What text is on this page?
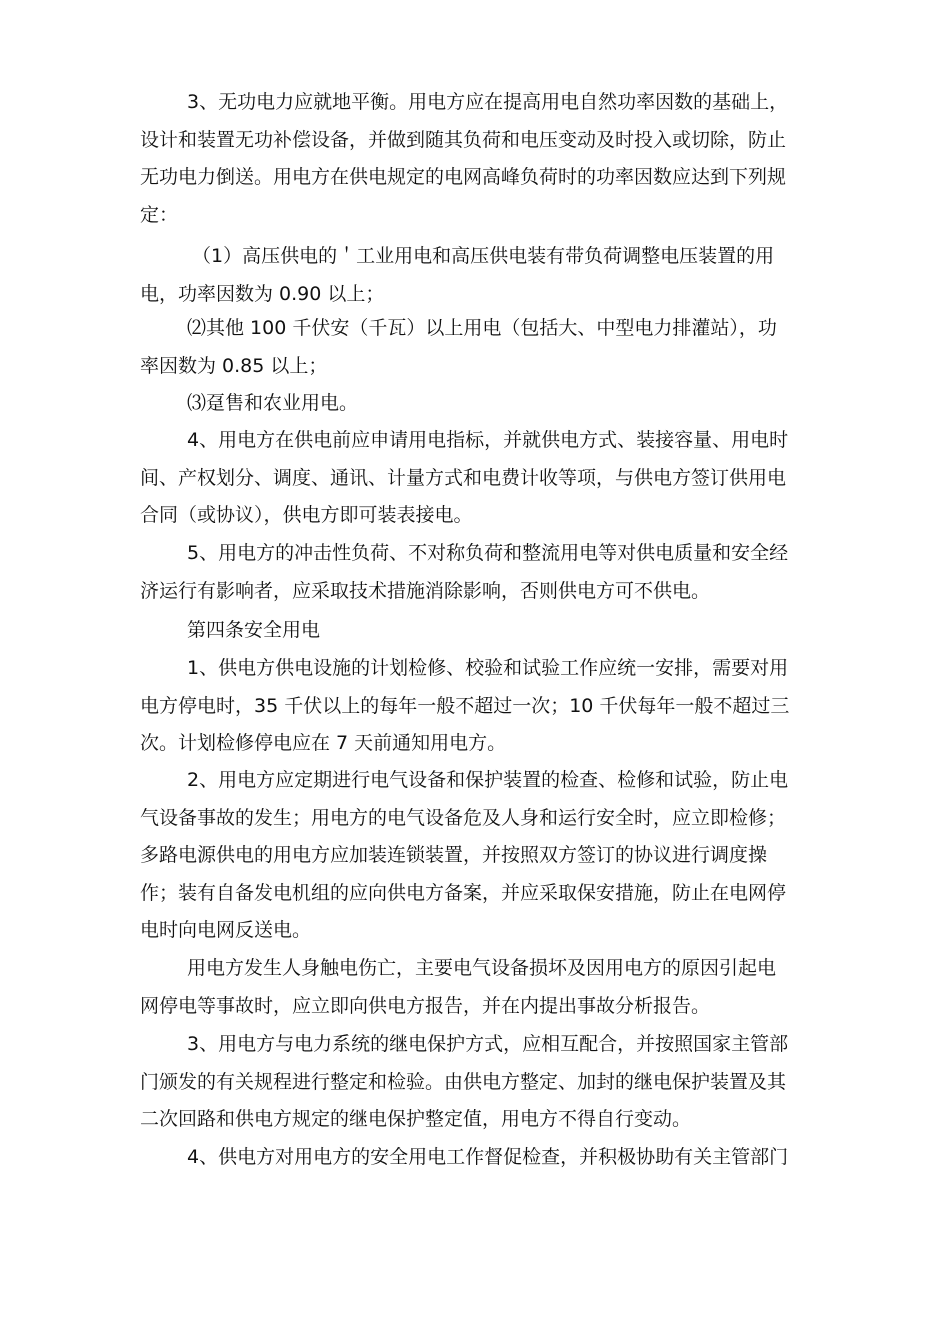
3、无功电力应就地平衡。用电方应在提高用电自然功率因数的基础上，
设计和装置无功补偿设备，并做到随其负荷和电压变动及时投入或切除，防止
无功电力倒送。用电方在供电规定的电网高峰负荷时的功率因数应达到下列规
定：
（1）高压供电的＇工业用电和高压供电装有带负荷调整电压装置的用
电，功率因数为 0.90 以上；
⑵其他 100 千伏安（千瓦）以上用电（包括大、中型电力排灌站），功
率因数为 0.85 以上；
⑶趸售和农业用电。
4、用电方在供电前应申请用电指标，并就供电方式、装接容量、用电时
间、产权划分、调度、通讯、计量方式和电费计收等项，与供电方签订供用电
合同（或协议），供电方即可装表接电。
5、用电方的冲击性负荷、不对称负荷和整流用电等对供电质量和安全经
济运行有影响者，应采取技术措施消除影响，否则供电方可不供电。
第四条安全用电
1、供电方供电设施的计划检修、校验和试验工作应统一安排，需要对用
电方停电时，35 千伏以上的每年一般不超过一次；10 千伏每年一般不超过三
次。计划检修停电应在 7 天前通知用电方。
2、用电方应定期进行电气设备和保护装置的检查、检修和试验，防止电
气设备事故的发生；用电方的电气设备危及人身和运行安全时，应立即检修；
多路电源供电的用电方应加装连锁装置，并按照双方签订的协议进行调度操
作；装有自备发电机组的应向供电方备案，并应采取保安措施，防止在电网停
电时向电网反送电。
用电方发生人身触电伤亡，主要电气设备损坏及因用电方的原因引起电
网停电等事故时，应立即向供电方报告，并在内提出事故分析报告。
3、用电方与电力系统的继电保护方式，应相互配合，并按照国家主管部
门颁发的有关规程进行整定和检验。由供电方整定、加封的继电保护装置及其
二次回路和供电方规定的继电保护整定值，用电方不得自行变动。
4、供电方对用电方的安全用电工作督促检查，并积极协助有关主管部门
